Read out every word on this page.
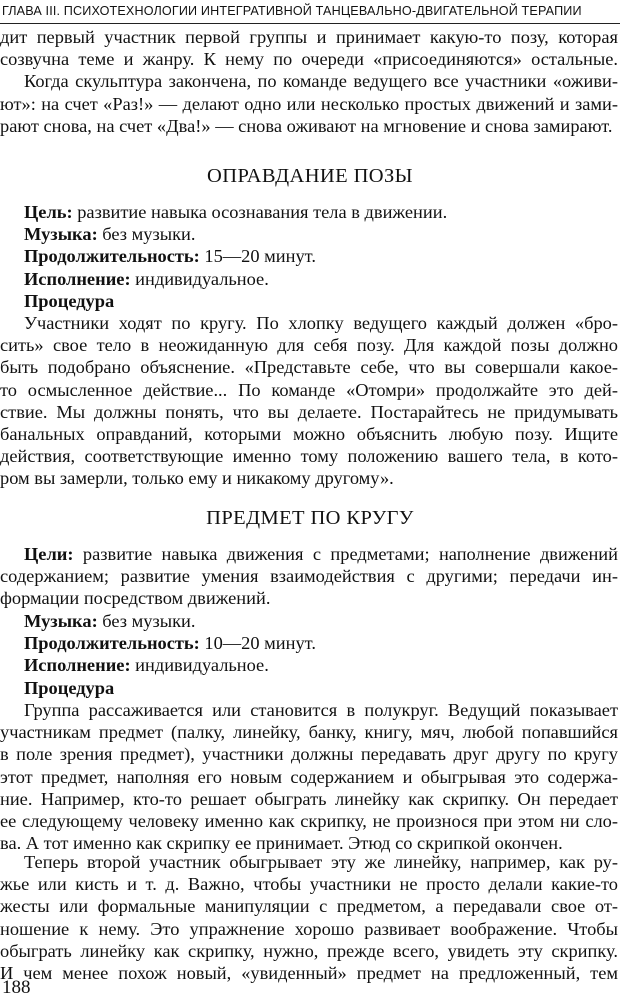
ГЛАВА III. ПСИХОТЕХНОЛОГИИ ИНТЕГРАТИВНОЙ ТАНЦЕВАЛЬНО-ДВИГАТЕЛЬНОЙ ТЕРАПИИ
дит первый участник первой группы и принимает какую-то позу, которая
созвучна теме и жанру. К нему по очереди «присоединяются» остальные.
Когда скульптура закончена, по команде ведущего все участники «оживи-
ют»: на счет «Раз!» — делают одно или несколько простых движений и зами-
рают снова, на счет «Два!» — снова оживают на мгновение и снова замирают.
ОПРАВДАНИЕ ПОЗЫ
Цель: развитие навыка осознавания тела в движении.
Музыка: без музыки.
Продолжительность: 15—20 минут.
Исполнение: индивидуальное.
Процедура
Участники ходят по кругу. По хлопку ведущего каждый должен «бро-
сить» свое тело в неожиданную для себя позу. Для каждой позы должно
быть подобрано объяснение. «Представьте себе, что вы совершали какое-
то осмысленное действие... По команде «Отомри» продолжайте это дей-
ствие. Мы должны понять, что вы делаете. Постарайтесь не придумывать
банальных оправданий, которыми можно объяснить любую позу. Ищите
действия, соответствующие именно тому положению вашего тела, в кото-
ром вы замерли, только ему и никакому другому».
ПРЕДМЕТ ПО КРУГУ
Цели: развитие навыка движения с предметами; наполнение движений
содержанием; развитие умения взаимодействия с другими; передачи ин-
формации посредством движений.
Музыка: без музыки.
Продолжительность: 10—20 минут.
Исполнение: индивидуальное.
Процедура
Группа рассаживается или становится в полукруг. Ведущий показывает
участникам предмет (палку, линейку, банку, книгу, мяч, любой попавшийся
в поле зрения предмет), участники должны передавать друг другу по кругу
этот предмет, наполняя его новым содержанием и обыгрывая это содержа-
ние. Например, кто-то решает обыграть линейку как скрипку. Он передает
ее следующему человеку именно как скрипку, не произнося при этом ни сло-
ва. А тот именно как скрипку ее принимает. Этюд со скрипкой окончен.
Теперь второй участник обыгрывает эту же линейку, например, как ру-
жье или кисть и т. д. Важно, чтобы участники не просто делали какие-то
жесты или формальные манипуляции с предметом, а передавали свое от-
ношение к нему. Это упражнение хорошо развивает воображение. Чтобы
обыграть линейку как скрипку, нужно, прежде всего, увидеть эту скрипку.
И чем менее похож новый, «увиденный» предмет на предложенный, тем
188
